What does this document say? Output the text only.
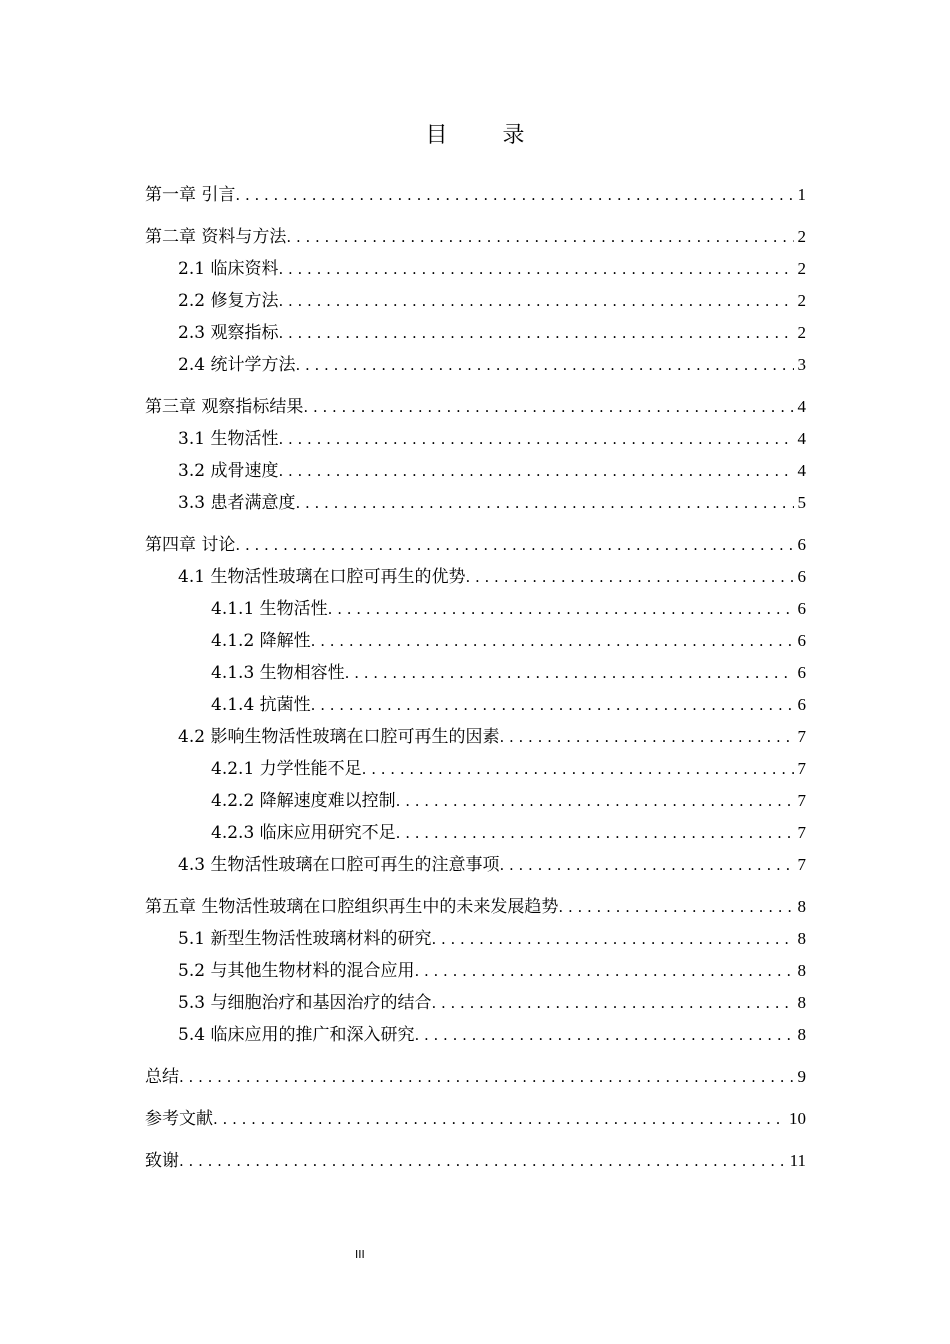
目 录
第一章 引言 . . .	1
第二章 资料与方法 . . .	2
2.1 临床资料 . . .	2
2.2 修复方法 . . .	2
2.3 观察指标 . . .	2
2.4 统计学方法 . . .	3
第三章 观察指标结果 . . .	4
3.1 生物活性 . . .	4
3.2 成骨速度 . . .	4
3.3 患者满意度 . . .	5
第四章 讨论 . . .	6
4.1 生物活性玻璃在口腔可再生的优势 . . .	6
4.1.1 生物活性 . . .	6
4.1.2 降解性 . . .	6
4.1.3 生物相容性 . . .	6
4.1.4 抗菌性 . . .	6
4.2 影响生物活性玻璃在口腔可再生的因素 . . .	7
4.2.1 力学性能不足 . . .	7
4.2.2 降解速度难以控制 . . .	7
4.2.3 临床应用研究不足 . . .	7
4.3 生物活性玻璃在口腔可再生的注意事项 . . .	7
第五章 生物活性玻璃在口腔组织再生中的未来发展趋势 . . .	8
5.1 新型生物活性玻璃材料的研究 . . .	8
5.2 与其他生物材料的混合应用 . . .	8
5.3 与细胞治疗和基因治疗的结合 . . .	8
5.4 临床应用的推广和深入研究 . . .	8
总结 . . .	9
参考文献 . . .	10
致谢 . . .	11
III
